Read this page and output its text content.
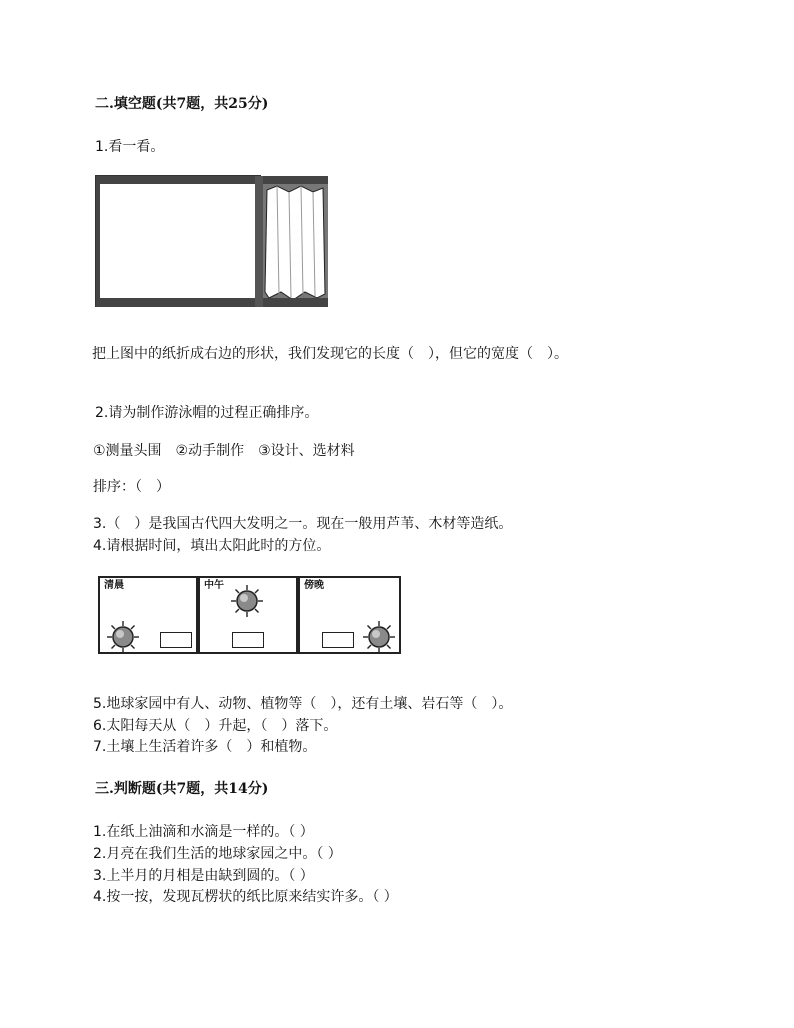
二.填空题(共7题，共25分)

1.看一看。

把上图中的纸折成右边的形状，我们发现它的长度（　），但它的宽度（　）。

2.请为制作游泳帽的过程正确排序。

①测量头围　②动手制作　③设计、选材料

排序：（　）

3.（　）是我国古代四大发明之一。现在一般用芦苇、木材等造纸。

4.请根据时间，填出太阳此时的方位。

清晨	中午	傍晚

5.地球家园中有人、动物、植物等（　），还有土壤、岩石等（　）。

6.太阳每天从（　）升起，（　）落下。

7.土壤上生活着许多（　）和植物。

三.判断题(共7题，共14分)

1.在纸上油滴和水滴是一样的。（ ）

2.月亮在我们生活的地球家园之中。（ ）

3.上半月的月相是由缺到圆的。（ ）

4.按一按，发现瓦楞状的纸比原来结实许多。（ ）
